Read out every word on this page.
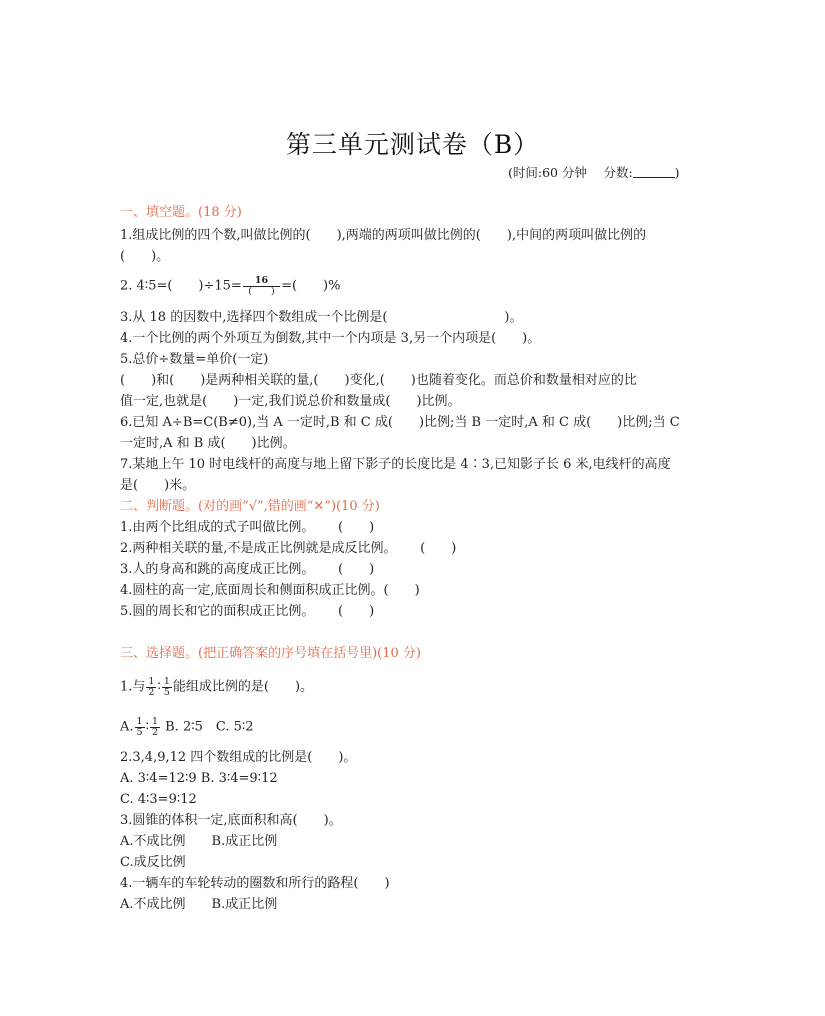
第三单元测试卷（B）
(时间:60 分钟　 分数:	)
一、填空题。(18 分)
1.组成比例的四个数,叫做比例的(　　),两端的两项叫做比例的(　　),中间的两项叫做比例的
(　　)。
2. 4∶5=(　　)$\div 15= \frac{16}{( )}$ =(　　)%
3.从 18 的因数中,选择四个数组成一个比例是(　　　　　　　　　)。
4.一个比例的两个外项互为倒数,其中一个内项是 3,另一个内项是(　　)。
5.总价÷数量=单价(一定)
(　　)和(　　)是两种相关联的量,(　　)变化,(　　)也随着变化。而总价和数量相对应的比
值一定,也就是(　　)一定,我们说总价和数量成(　　)比例。
6.已知 A÷B=C(B≠0),当 A 一定时,B 和 C 成(　　)比例;当 B 一定时,A 和 C 成(　　)比例;当 C
一定时,A 和 B 成(　　)比例。
7.某地上午 10 时电线杆的高度与地上留下影子的长度比是 4∶3,已知影子长 6 米,电线杆的高度
是(　　)米。
二、判断题。(对的画“√”,错的画“✕”)(10 分)
1.由两个比组成的式子叫做比例。　　 (　　)
2.两种相关联的量,不是成正比例就是成反比例。　　 (　　)
3.人的身高和跳的高度成正比例。　　 (　　)
4.圆柱的高一定,底面周长和侧面积成正比例。(　　)
5.圆的周长和它的面积成正比例。　　 (　　)
三、选择题。(把正确答案的序号填在括号里)(10 分)
1.与 $\frac{1}{2}$ ∶ $\frac{1}{5}$ 能组成比例的是(　　)。
A. $\frac{1}{5}$ ∶ $\frac{1}{2} B$. 2∶5　C. 5∶2
2.3,4,9,12 四个数组成的比例是(　　)。
A. 3∶4=12∶9 B. 3∶4=9∶12
C. 4∶3=9∶12
3.圆锥的体积一定,底面积和高(　　)。
A.不成比例　　B.成正比例
C.成反比例
4.一辆车的车轮转动的圈数和所行的路程(　　)
A.不成比例　　B.成正比例
